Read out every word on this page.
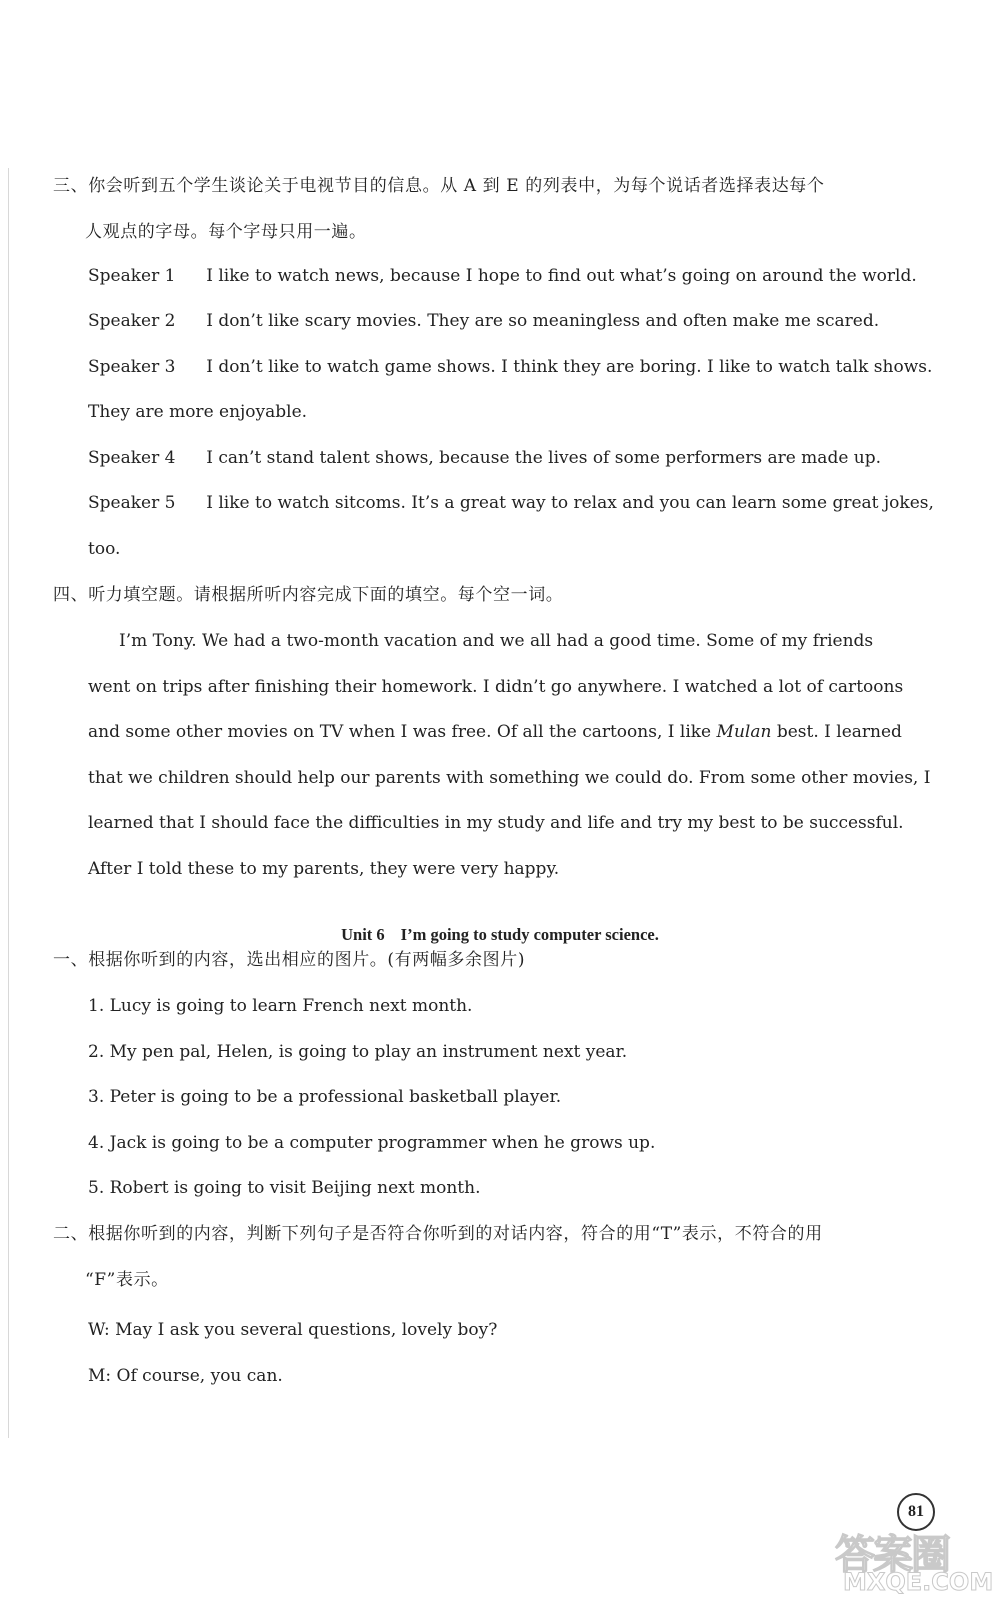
三、你会听到五个学生谈论关于电视节目的信息。从 A 到 E 的列表中，为每个说话者选择表达每个
人观点的字母。每个字母只用一遍。
Speaker 1 I like to watch news, because I hope to find out what’s going on around the world.
Speaker 2 I don’t like scary movies. They are so meaningless and often make me scared.
Speaker 3 I don’t like to watch game shows. I think they are boring. I like to watch talk shows.
They are more enjoyable.
Speaker 4 I can’t stand talent shows, because the lives of some performers are made up.
Speaker 5 I like to watch sitcoms. It’s a great way to relax and you can learn some great jokes,
too.
四、听力填空题。请根据所听内容完成下面的填空。每个空一词。
I’m Tony. We had a two-month vacation and we all had a good time. Some of my friends
went on trips after finishing their homework. I didn’t go anywhere. I watched a lot of cartoons
and some other movies on TV when I was free. Of all the cartoons, I like Mulan best. I learned
that we children should help our parents with something we could do. From some other movies, I
learned that I should face the difficulties in my study and life and try my best to be successful.
After I told these to my parents, they were very happy.
Unit 6 I’m going to study computer science.
一、根据你听到的内容，选出相应的图片。(有两幅多余图片)
1. Lucy is going to learn French next month.
2. My pen pal, Helen, is going to play an instrument next year.
3. Peter is going to be a professional basketball player.
4. Jack is going to be a computer programmer when he grows up.
5. Robert is going to visit Beijing next month.
二、根据你听到的内容，判断下列句子是否符合你听到的对话内容，符合的用“T”表示，不符合的用
“F”表示。
W: May I ask you several questions, lovely boy?
M: Of course, you can.
81
答案圈
MXQE.COM
